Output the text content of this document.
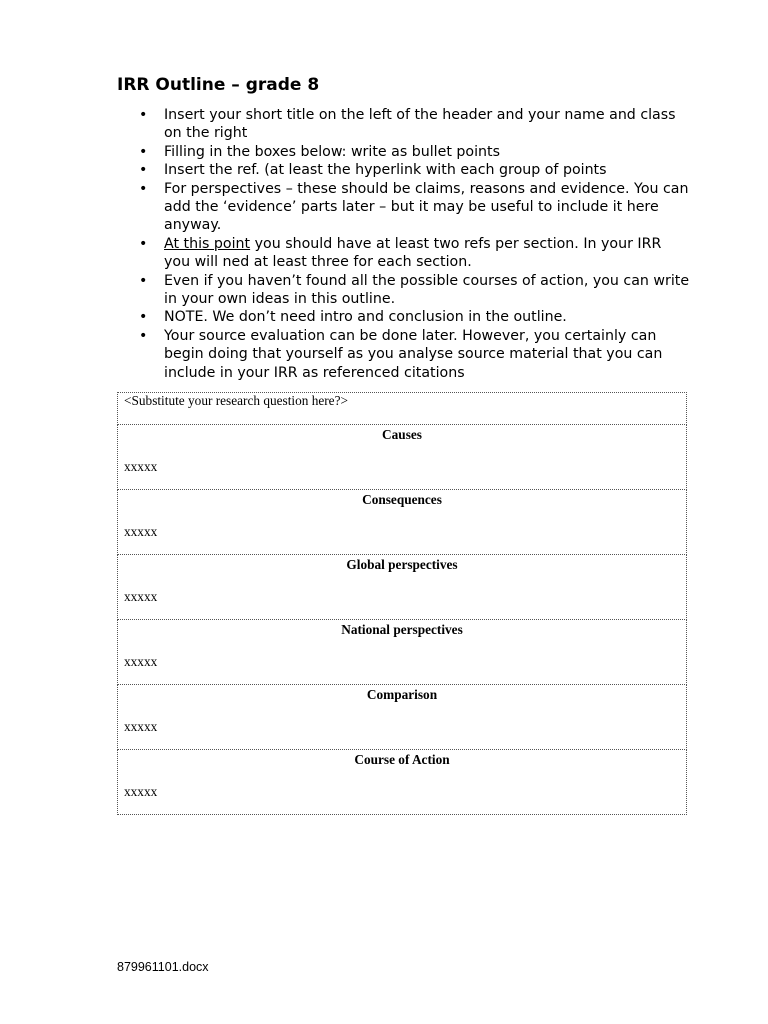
IRR Outline – grade 8
• Insert your short title on the left of the header and your name and class on the right
• Filling in the boxes below: write as bullet points
• Insert the ref. (at least the hyperlink with each group of points
• For perspectives – these should be claims, reasons and evidence. You can add the ‘evidence’ parts later – but it may be useful to include it here anyway.
• At this point you should have at least two refs per section. In your IRR you will ned at least three for each section.
• Even if you haven’t found all the possible courses of action, you can write in your own ideas in this outline.
• NOTE. We don’t need intro and conclusion in the outline.
• Your source evaluation can be done later. However, you certainly can begin doing that yourself as you analyse source material that you can include in your IRR as referenced citations
<Substitute your research question here?>

Causes
xxxxx

Consequences
xxxxx

Global perspectives
xxxxx

National perspectives
xxxxx

Comparison
xxxxx

Course of Action
xxxxx
879961101.docx
